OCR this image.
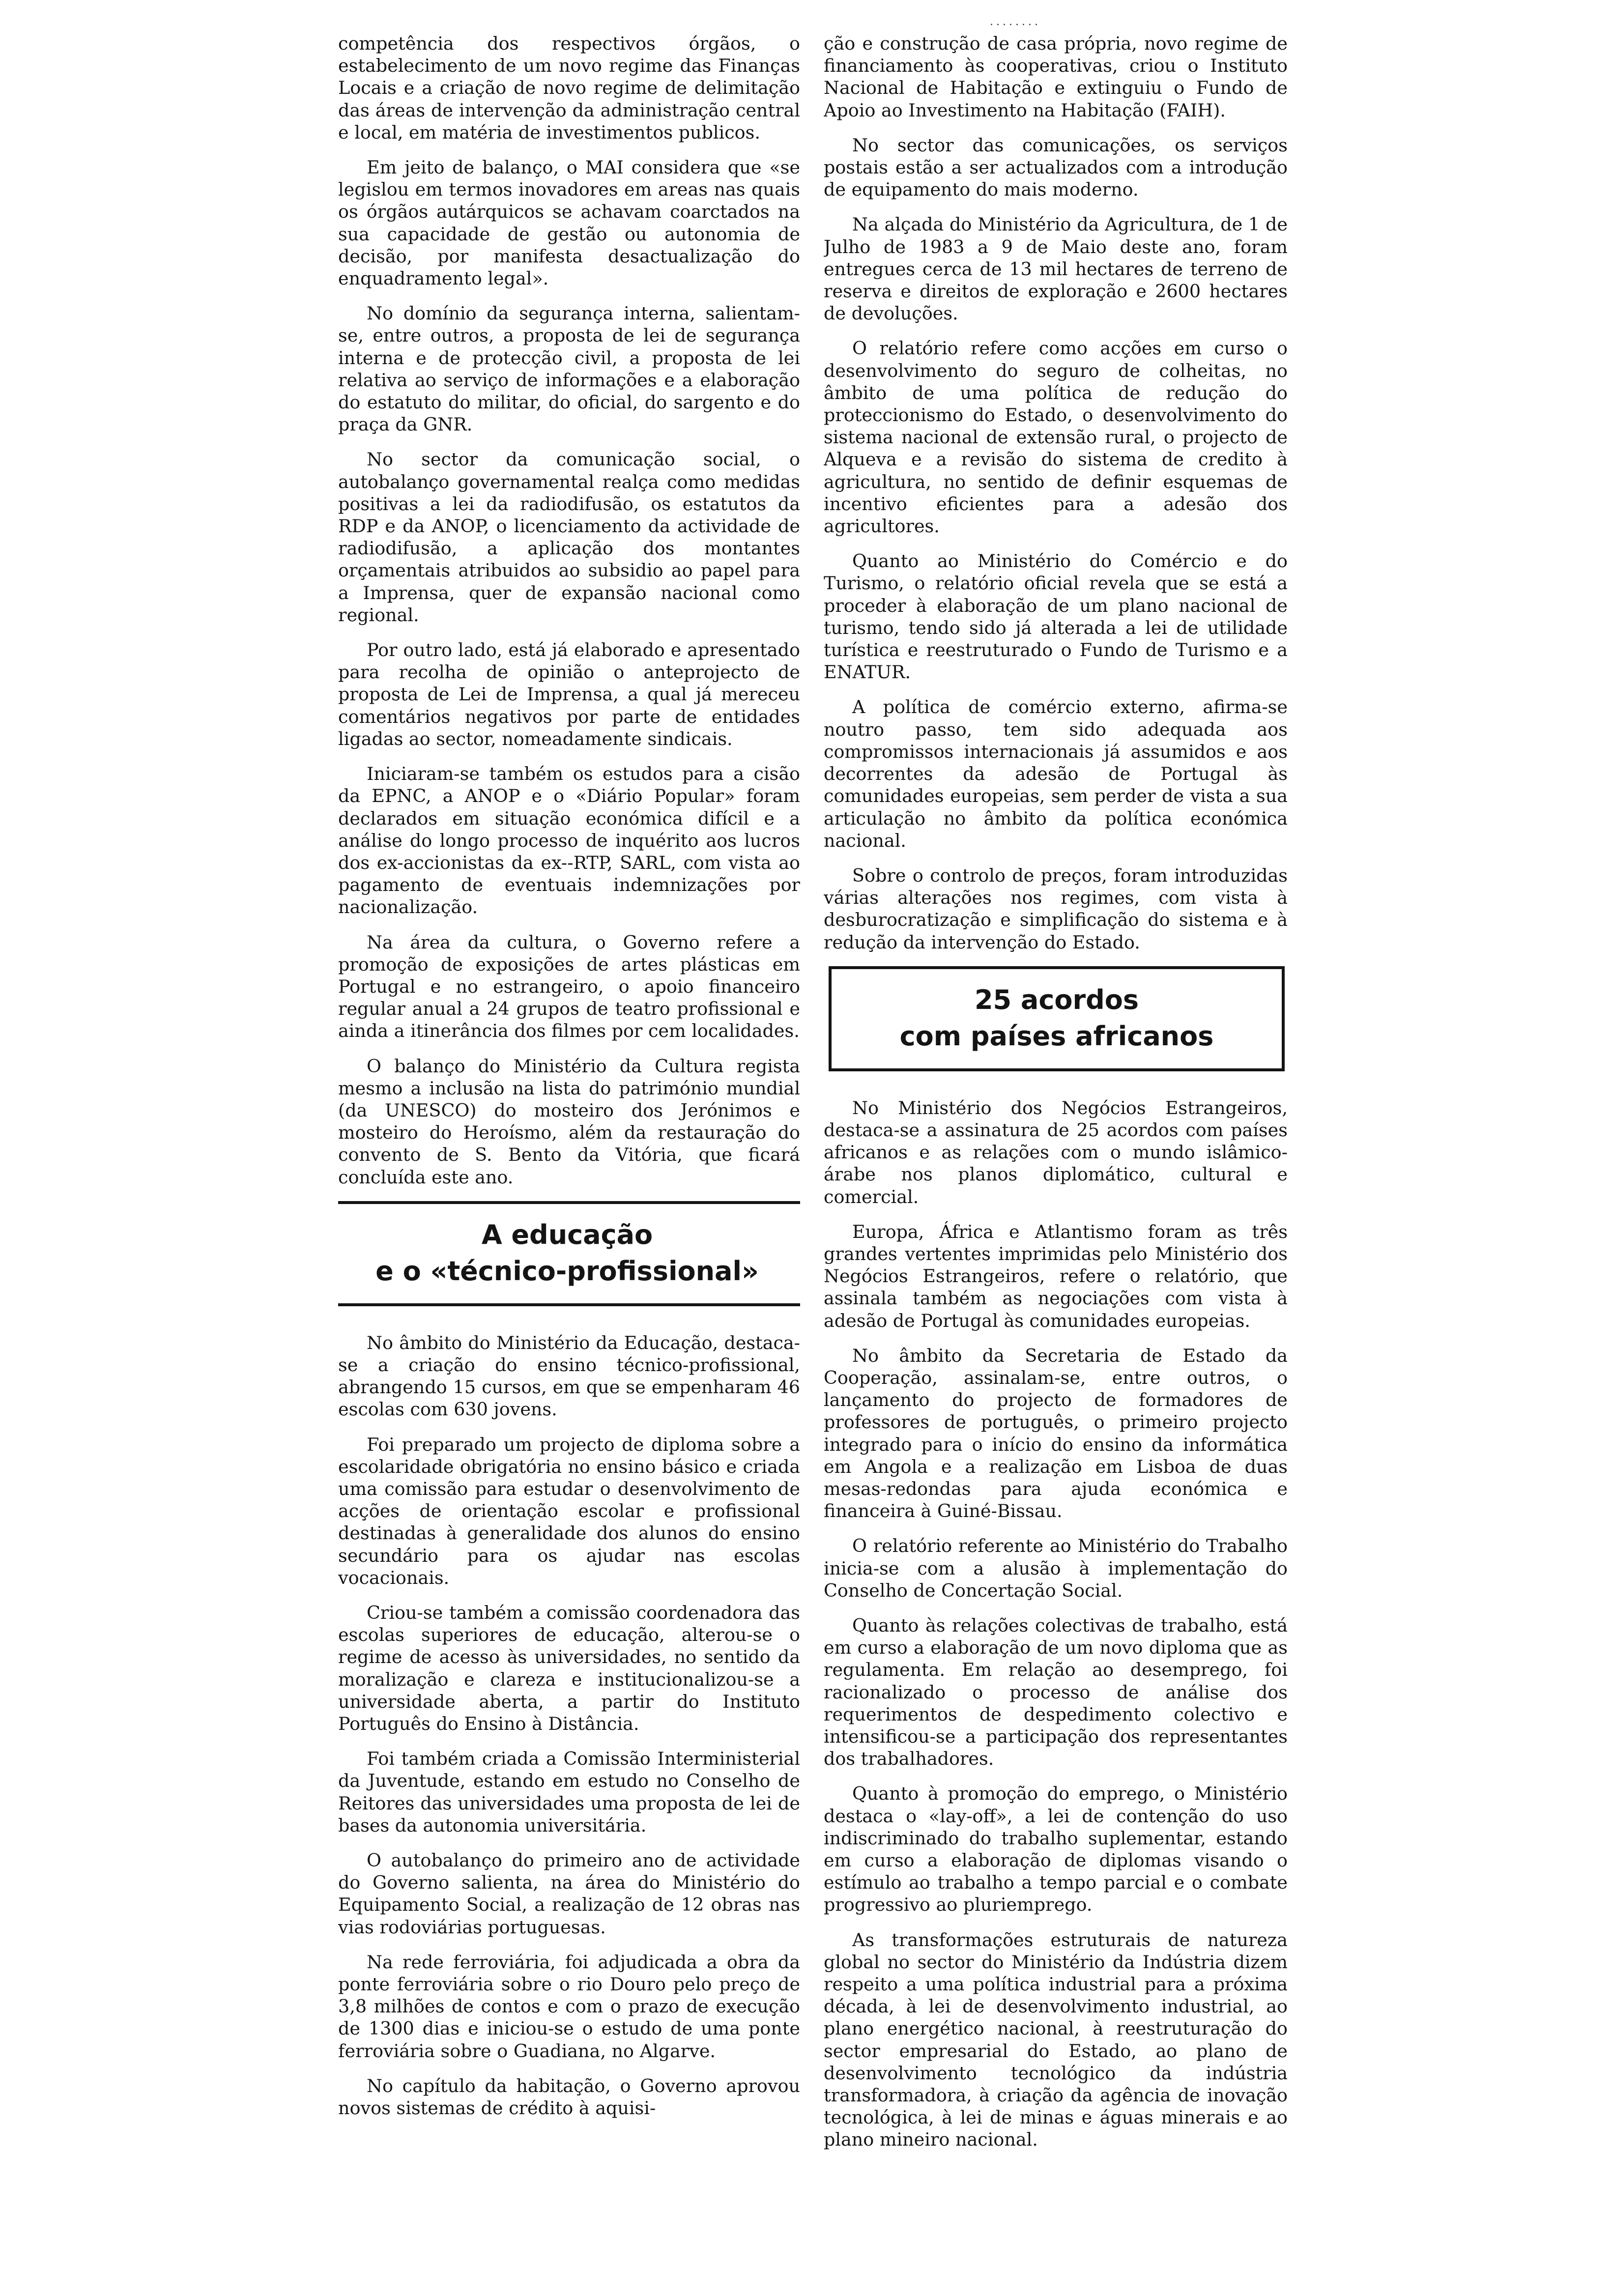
........

competência dos respectivos órgãos, o estabelecimento de um novo regime das Finanças Locais e a criação de novo regime de delimitação das áreas de intervenção da administração central e local, em matéria de investimentos publicos.

Em jeito de balanço, o MAI considera que «se legislou em termos inovadores em areas nas quais os órgãos autárquicos se achavam coarctados na sua capacidade de gestão ou autonomia de decisão, por manifesta desactualização do enquadramento legal».

No domínio da segurança interna, salientam-se, entre outros, a proposta de lei de segurança interna e de protecção civil, a proposta de lei relativa ao serviço de informações e a elaboração do estatuto do militar, do oficial, do sargento e do praça da GNR.

No sector da comunicação social, o autobalanço governamental realça como medidas positivas a lei da radiodifusão, os estatutos da RDP e da ANOP, o licenciamento da actividade de radiodifusão, a aplicação dos montantes orçamentais atribuidos ao subsidio ao papel para a Imprensa, quer de expansão nacional como regional.

Por outro lado, está já elaborado e apresentado para recolha de opinião o anteprojecto de proposta de Lei de Imprensa, a qual já mereceu comentários negativos por parte de entidades ligadas ao sector, nomeadamente sindicais.

Iniciaram-se também os estudos para a cisão da EPNC, a ANOP e o «Diário Popular» foram declarados em situação económica difícil e a análise do longo processo de inquérito aos lucros dos ex-accionistas da ex--RTP, SARL, com vista ao pagamento de eventuais indemnizações por nacionalização.

Na área da cultura, o Governo refere a promoção de exposições de artes plásticas em Portugal e no estrangeiro, o apoio financeiro regular anual a 24 grupos de teatro profissional e ainda a itinerância dos filmes por cem localidades.

O balanço do Ministério da Cultura regista mesmo a inclusão na lista do património mundial (da UNESCO) do mosteiro dos Jerónimos e mosteiro do Heroísmo, além da restauração do convento de S. Bento da Vitória, que ficará concluída este ano.

A educação
e o «técnico-profissional»

No âmbito do Ministério da Educação, destaca-se a criação do ensino técnico-profissional, abrangendo 15 cursos, em que se empenharam 46 escolas com 630 jovens.

Foi preparado um projecto de diploma sobre a escolaridade obrigatória no ensino básico e criada uma comissão para estudar o desenvolvimento de acções de orientação escolar e profissional destinadas à generalidade dos alunos do ensino secundário para os ajudar nas escolas vocacionais.

Criou-se também a comissão coordenadora das escolas superiores de educação, alterou-se o regime de acesso às universidades, no sentido da moralização e clareza e institucionalizou-se a universidade aberta, a partir do Instituto Português do Ensino à Distância.

Foi também criada a Comissão Interministerial da Juventude, estando em estudo no Conselho de Reitores das universidades uma proposta de lei de bases da autonomia universitária.

O autobalanço do primeiro ano de actividade do Governo salienta, na área do Ministério do Equipamento Social, a realização de 12 obras nas vias rodoviárias portuguesas.

Na rede ferroviária, foi adjudicada a obra da ponte ferroviária sobre o rio Douro pelo preço de 3,8 milhões de contos e com o prazo de execução de 1300 dias e iniciou-se o estudo de uma ponte ferroviária sobre o Guadiana, no Algarve.

No capítulo da habitação, o Governo aprovou novos sistemas de crédito à aquisi-

ção e construção de casa própria, novo regime de financiamento às cooperativas, criou o Instituto Nacional de Habitação e extinguiu o Fundo de Apoio ao Investimento na Habitação (FAIH).

No sector das comunicações, os serviços postais estão a ser actualizados com a introdução de equipamento do mais moderno.

Na alçada do Ministério da Agricultura, de 1 de Julho de 1983 a 9 de Maio deste ano, foram entregues cerca de 13 mil hectares de terreno de reserva e direitos de exploração e 2600 hectares de devoluções.

O relatório refere como acções em curso o desenvolvimento do seguro de colheitas, no âmbito de uma política de redução do proteccionismo do Estado, o desenvolvimento do sistema nacional de extensão rural, o projecto de Alqueva e a revisão do sistema de credito à agricultura, no sentido de definir esquemas de incentivo eficientes para a adesão dos agricultores.

Quanto ao Ministério do Comércio e do Turismo, o relatório oficial revela que se está a proceder à elaboração de um plano nacional de turismo, tendo sido já alterada a lei de utilidade turística e reestruturado o Fundo de Turismo e a ENATUR.

A política de comércio externo, afirma-se noutro passo, tem sido adequada aos compromissos internacionais já assumidos e aos decorrentes da adesão de Portugal às comunidades europeias, sem perder de vista a sua articulação no âmbito da política económica nacional.

Sobre o controlo de preços, foram introduzidas várias alterações nos regimes, com vista à desburocratização e simplificação do sistema e à redução da intervenção do Estado.

25 acordos
com países africanos

No Ministério dos Negócios Estrangeiros, destaca-se a assinatura de 25 acordos com países africanos e as relações com o mundo islâmico-árabe nos planos diplomático, cultural e comercial.

Europa, África e Atlantismo foram as três grandes vertentes imprimidas pelo Ministério dos Negócios Estrangeiros, refere o relatório, que assinala também as negociações com vista à adesão de Portugal às comunidades europeias.

No âmbito da Secretaria de Estado da Cooperação, assinalam-se, entre outros, o lançamento do projecto de formadores de professores de português, o primeiro projecto integrado para o início do ensino da informática em Angola e a realização em Lisboa de duas mesas-redondas para ajuda económica e financeira à Guiné-Bissau.

O relatório referente ao Ministério do Trabalho inicia-se com a alusão à implementação do Conselho de Concertação Social.

Quanto às relações colectivas de trabalho, está em curso a elaboração de um novo diploma que as regulamenta. Em relação ao desemprego, foi racionalizado o processo de análise dos requerimentos de despedimento colectivo e intensificou-se a participação dos representantes dos trabalhadores.

Quanto à promoção do emprego, o Ministério destaca o «lay-off», a lei de contenção do uso indiscriminado do trabalho suplementar, estando em curso a elaboração de diplomas visando o estímulo ao trabalho a tempo parcial e o combate progressivo ao pluriemprego.

As transformações estruturais de natureza global no sector do Ministério da Indústria dizem respeito a uma política industrial para a próxima década, à lei de desenvolvimento industrial, ao plano energético nacional, à reestruturação do sector empresarial do Estado, ao plano de desenvolvimento tecnológico da indústria transformadora, à criação da agência de inovação tecnológica, à lei de minas e águas minerais e ao plano mineiro nacional.
